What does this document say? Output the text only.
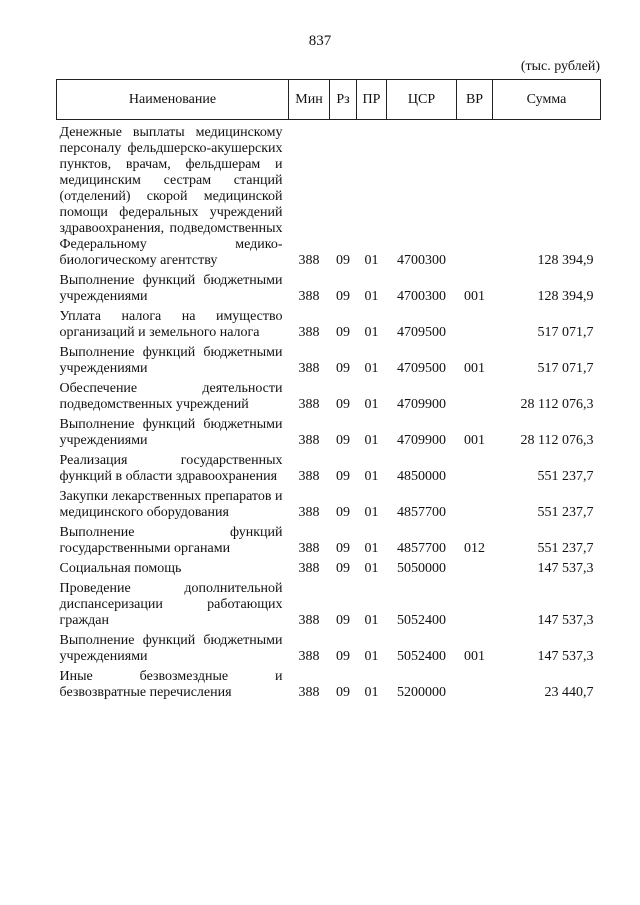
837
(тыс. рублей)
Наименование	Мин	Рз	ПР	ЦСР	ВР	Сумма
Денежные выплаты медицинскому персоналу фельдшерско-акушерских пунктов, врачам, фельдшерам и медицинским сестрам станций (отделений) скорой медицинской помощи федеральных учреждений здравоохранения, подведомственных Федеральному медико-биологическому агентству	388	09	01	4700300		128 394,9
Выполнение функций бюджетными учреждениями	388	09	01	4700300	001	128 394,9
Уплата налога на имущество организаций и земельного налога	388	09	01	4709500		517 071,7
Выполнение функций бюджетными учреждениями	388	09	01	4709500	001	517 071,7
Обеспечение деятельности подведомственных учреждений	388	09	01	4709900		28 112 076,3
Выполнение функций бюджетными учреждениями	388	09	01	4709900	001	28 112 076,3
Реализация государственных функций в области здравоохранения	388	09	01	4850000		551 237,7
Закупки лекарственных препаратов и медицинского оборудования	388	09	01	4857700		551 237,7
Выполнение функций государственными органами	388	09	01	4857700	012	551 237,7
Социальная помощь	388	09	01	5050000		147 537,3
Проведение дополнительной диспансеризации работающих граждан	388	09	01	5052400		147 537,3
Выполнение функций бюджетными учреждениями	388	09	01	5052400	001	147 537,3
Иные безвозмездные и безвозвратные перечисления	388	09	01	5200000		23 440,7
